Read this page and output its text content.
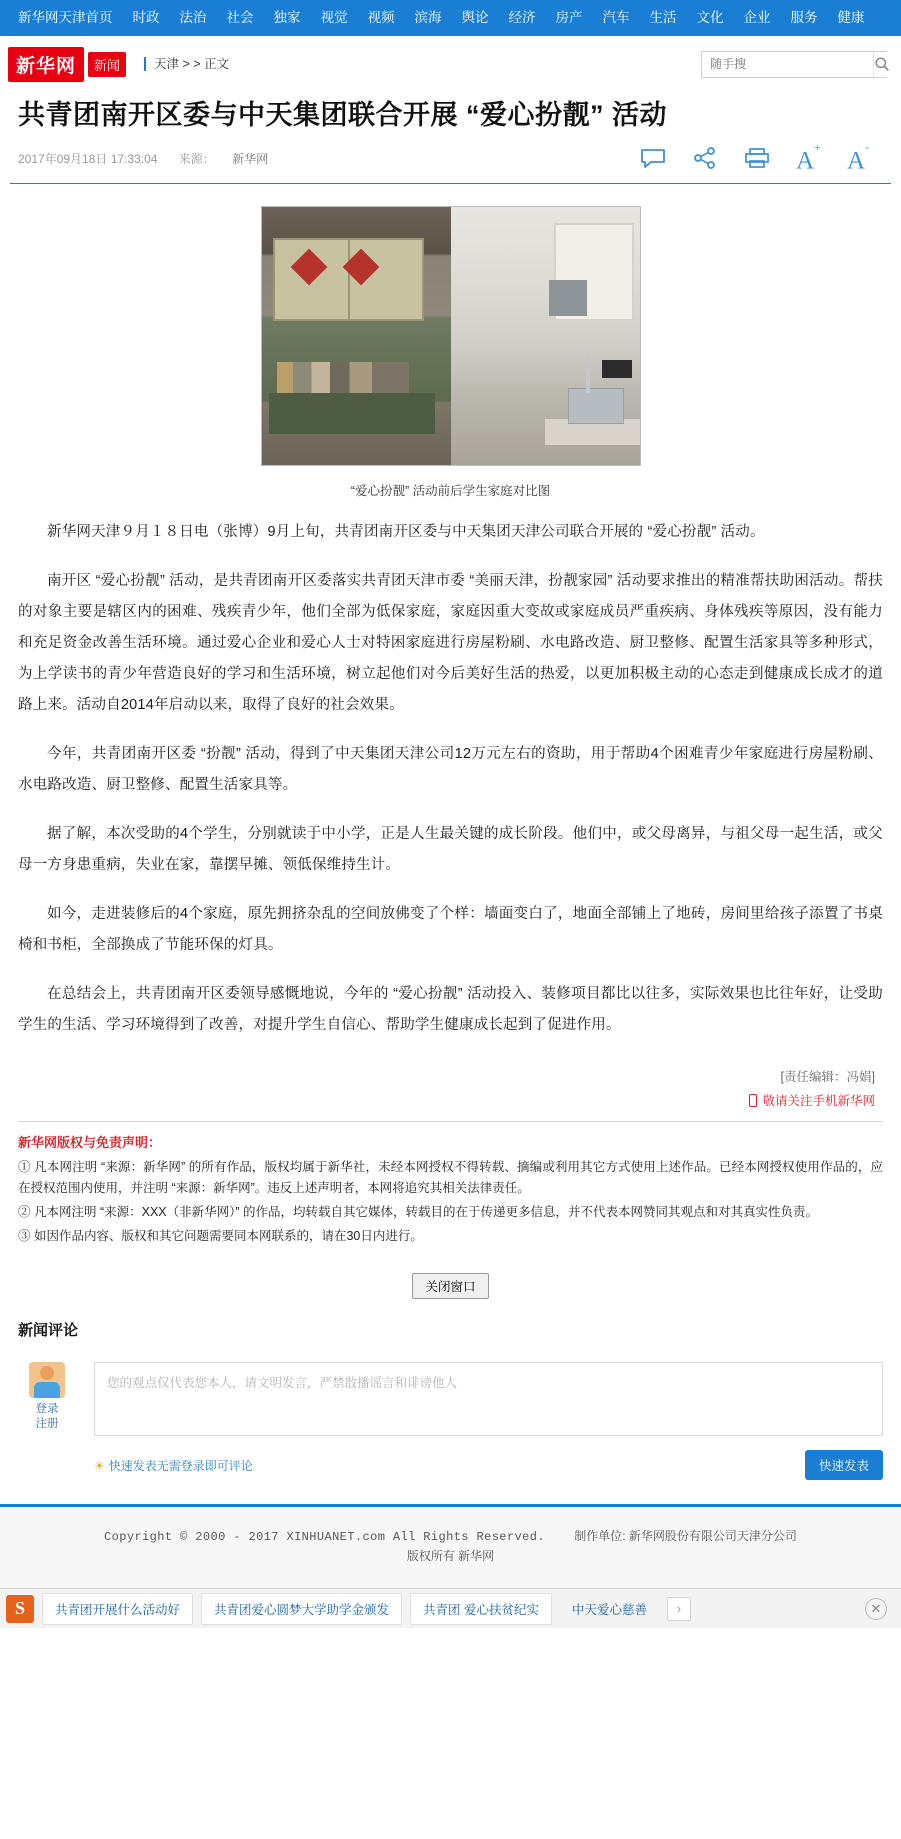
新华网天津首页	时政	法治	社会	独家	视觉	视频	滨海	舆论	经济	房产	汽车	生活	文化	企业	服务	健康
新华网	新闻	天津 > > 正文
随手搜
共青团南开区委与中天集团联合开展 “爱心扮靓” 活动
2017年09月18日 17:33:04 来源： 新华网	A+
A-
“爱心扮靓” 活动前后学生家庭对比图

新华网天津９月１８日电（张博）9月上旬，共青团南开区委与中天集团天津公司联合开展的 “爱心扮靓” 活动。

南开区 “爱心扮靓” 活动，是共青团南开区委落实共青团天津市委 “美丽天津，扮靓家园” 活动要求推出的精准帮扶助困活动。帮扶的对象主要是辖区内的困难、残疾青少年，他们全部为低保家庭，家庭因重大变故或家庭成员严重疾病、身体残疾等原因，没有能力和充足资金改善生活环境。通过爱心企业和爱心人士对特困家庭进行房屋粉刷、水电路改造、厨卫整修、配置生活家具等多种形式，为上学读书的青少年营造良好的学习和生活环境，树立起他们对今后美好生活的热爱，以更加积极主动的心态走到健康成长成才的道路上来。活动自2014年启动以来，取得了良好的社会效果。

今年，共青团南开区委 “扮靓” 活动，得到了中天集团天津公司12万元左右的资助，用于帮助4个困难青少年家庭进行房屋粉刷、水电路改造、厨卫整修、配置生活家具等。

据了解，本次受助的4个学生，分别就读于中小学，正是人生最关键的成长阶段。他们中，或父母离异，与祖父母一起生活，或父母一方身患重病，失业在家，靠摆早摊、领低保维持生计。

如今，走进装修后的4个家庭，原先拥挤杂乱的空间放佛变了个样：墙面变白了，地面全部铺上了地砖，房间里给孩子添置了书桌椅和书柜，全部换成了节能环保的灯具。

在总结会上，共青团南开区委领导感慨地说，今年的 “爱心扮靓” 活动投入、装修项目都比以往多，实际效果也比往年好，让受助学生的生活、学习环境得到了改善，对提升学生自信心、帮助学生健康成长起到了促进作用。

[责任编辑：冯娟]
敬请关注手机新华网
新华网版权与免责声明：

① 凡本网注明 “来源：新华网” 的所有作品，版权均属于新华社，未经本网授权不得转载、摘编或利用其它方式使用上述作品。已经本网授权使用作品的，应在授权范围内使用，并注明 “来源：新华网”。违反上述声明者，本网将追究其相关法律责任。

② 凡本网注明 “来源：XXX（非新华网）” 的作品，均转载自其它媒体，转载目的在于传递更多信息，并不代表本网赞同其观点和对其真实性负责。

③ 如因作品内容、版权和其它问题需要同本网联系的，请在30日内进行。

关闭窗口
新闻评论
登录
注册
您的观点仅代表您本人，请文明发言，严禁散播谣言和诽谤他人
☀ 快速发表无需登录即可评论	快速发表
Copyright © 2000 - 2017 XINHUANET.com All Rights Reserved. 制作单位: 新华网股份有限公司天津分公司
版权所有 新华网
S	共青团开展什么活动好	共青团爱心圆梦大学助学金颁发	共青团 爱心扶贫纪实	中天爱心慈善	›	✕
